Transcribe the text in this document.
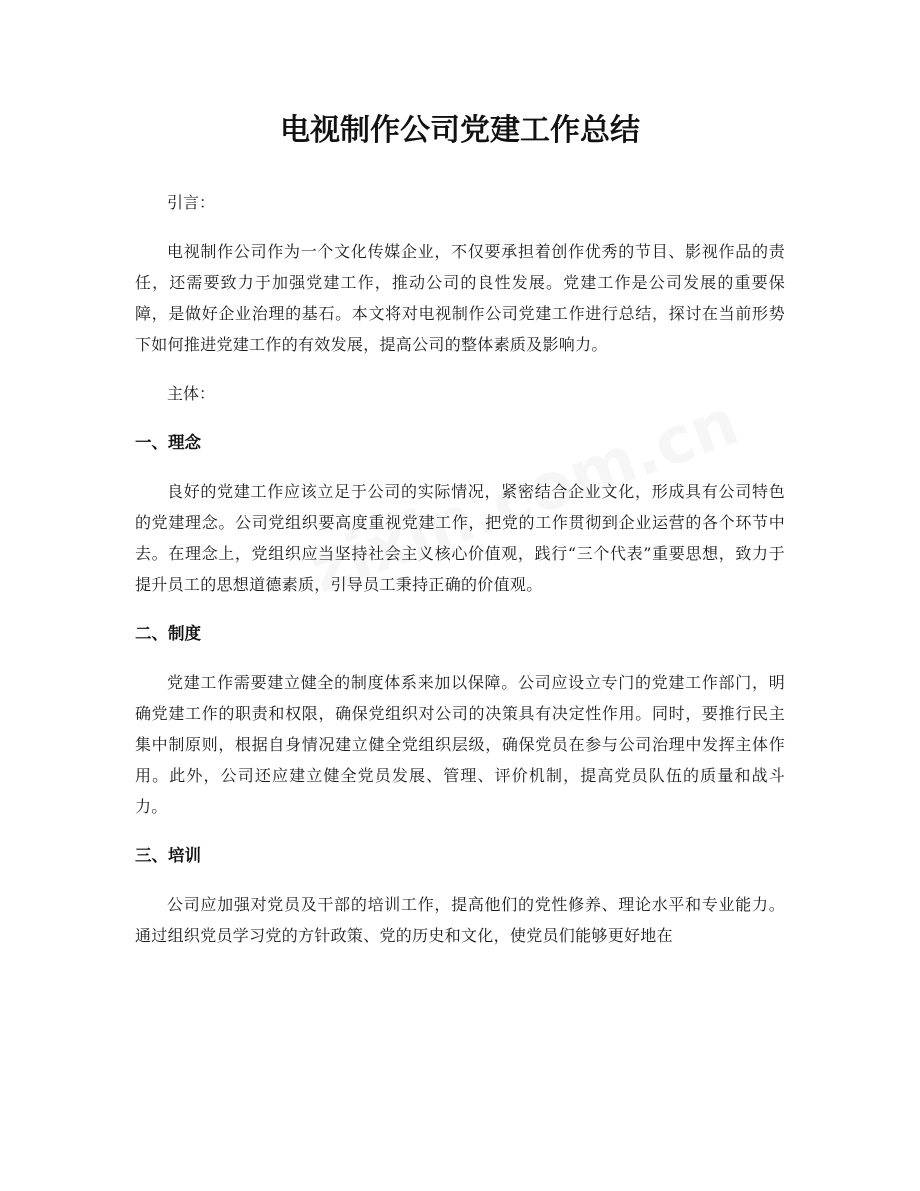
电视制作公司党建工作总结

引言：

电视制作公司作为一个文化传媒企业，不仅要承担着创作优秀的节目、影视作品的责任，还需要致力于加强党建工作，推动公司的良性发展。党建工作是公司发展的重要保障，是做好企业治理的基石。本文将对电视制作公司党建工作进行总结，探讨在当前形势下如何推进党建工作的有效发展，提高公司的整体素质及影响力。

主体：

一、理念

良好的党建工作应该立足于公司的实际情况，紧密结合企业文化，形成具有公司特色的党建理念。公司党组织要高度重视党建工作，把党的工作贯彻到企业运营的各个环节中去。在理念上，党组织应当坚持社会主义核心价值观，践行“三个代表”重要思想，致力于提升员工的思想道德素质，引导员工秉持正确的价值观。

二、制度

党建工作需要建立健全的制度体系来加以保障。公司应设立专门的党建工作部门，明确党建工作的职责和权限，确保党组织对公司的决策具有决定性作用。同时，要推行民主集中制原则，根据自身情况建立健全党组织层级，确保党员在参与公司治理中发挥主体作用。此外，公司还应建立健全党员发展、管理、评价机制，提高党员队伍的质量和战斗力。

三、培训

公司应加强对党员及干部的培训工作，提高他们的党性修养、理论水平和专业能力。通过组织党员学习党的方针政策、党的历史和文化，使党员们能够更好地在
